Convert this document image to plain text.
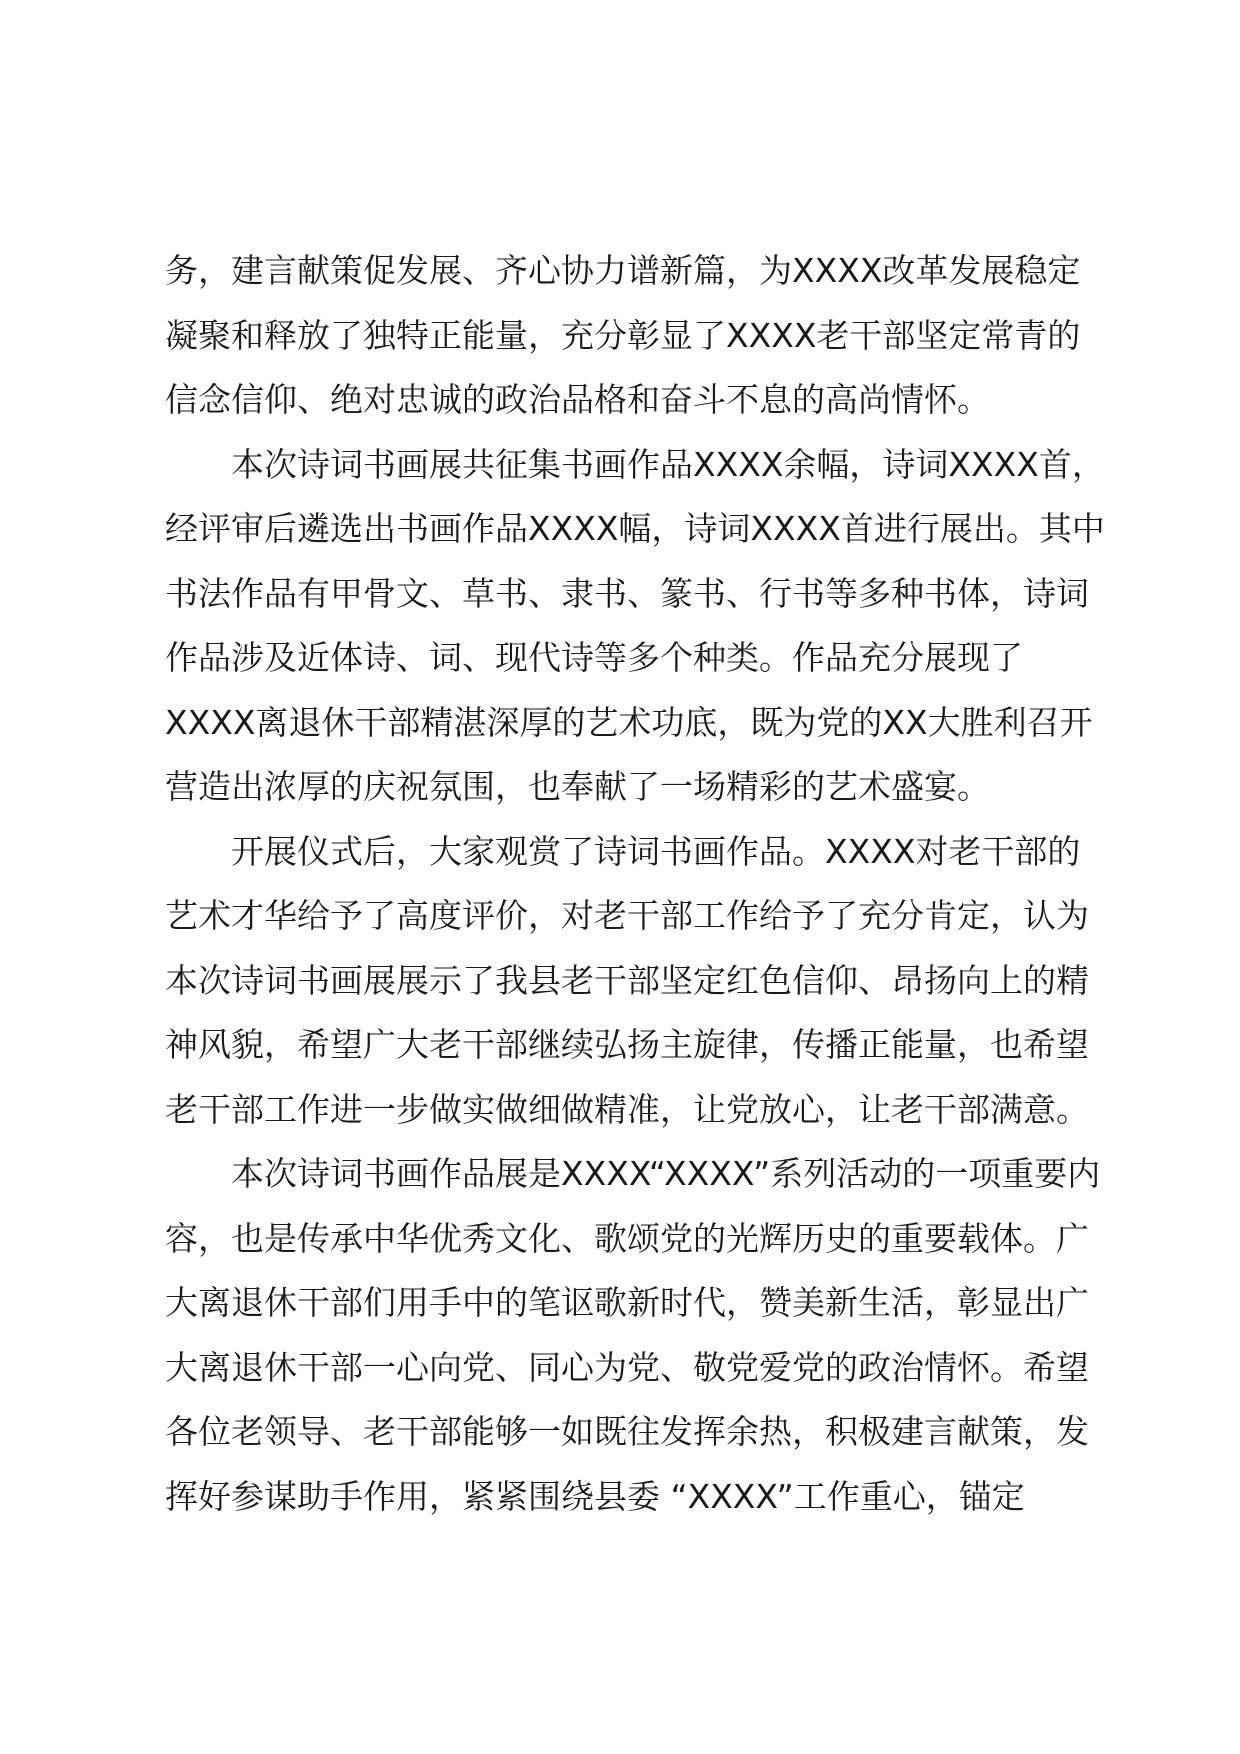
务，建言献策促发展、齐心协力谱新篇，为XXXX改革发展稳定
凝聚和释放了独特正能量，充分彰显了XXXX老干部坚定常青的
信念信仰、绝对忠诚的政治品格和奋斗不息的高尚情怀。
本次诗词书画展共征集书画作品XXXX余幅，诗词XXXX首，
经评审后遴选出书画作品XXXX幅，诗词XXXX首进行展出。其中
书法作品有甲骨文、草书、隶书、篆书、行书等多种书体，诗词
作品涉及近体诗、词、现代诗等多个种类。作品充分展现了
XXXX离退休干部精湛深厚的艺术功底，既为党的XX大胜利召开
营造出浓厚的庆祝氛围，也奉献了一场精彩的艺术盛宴。
开展仪式后，大家观赏了诗词书画作品。XXXX对老干部的
艺术才华给予了高度评价，对老干部工作给予了充分肯定，认为
本次诗词书画展展示了我县老干部坚定红色信仰、昂扬向上的精
神风貌，希望广大老干部继续弘扬主旋律，传播正能量，也希望
老干部工作进一步做实做细做精准，让党放心，让老干部满意。
本次诗词书画作品展是XXXX“XXXX”系列活动的一项重要内
容，也是传承中华优秀文化、歌颂党的光辉历史的重要载体。广
大离退休干部们用手中的笔讴歌新时代，赞美新生活，彰显出广
大离退休干部一心向党、同心为党、敬党爱党的政治情怀。希望
各位老领导、老干部能够一如既往发挥余热，积极建言献策，发
挥好参谋助手作用，紧紧围绕县委 “XXXX”工作重心，锚定
